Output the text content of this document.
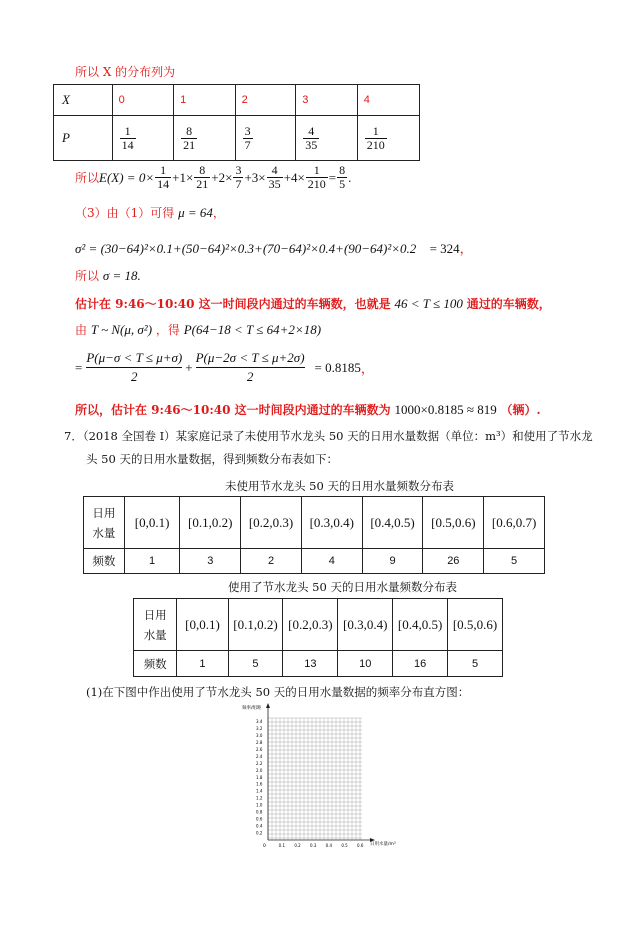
所以 X 的分布列为
X	0	1	2	3	4
P	$\frac{1}{14}$	$\frac{8}{21}$	$\frac{3}{7}$	$\frac{4}{35}$	$\frac{1}{210}$
所以 $E(X) = 0\times \frac{1}{14} +1\times \frac{8}{21} +2\times \frac{3}{7} +3\times \frac{4}{35} +4\times \frac{1}{210} = \frac{8}{5}$ .
（3）由（1）可得 μ = 64，
σ² = (30−64)²×0.1+(50−64)²×0.3+(70−64)²×0.4+(90−64)²×0.2 = 324，
所以 σ = 18.
估计在 9:46～10:40 这一时间段内通过的车辆数，也就是 46 < T ≤ 100 通过的车辆数，
由 T ~ N(μ, σ²) ，得 P(64−18 < T ≤ 64+2×18)
= $\frac{P(\mu-\sigma < T \le \mu+\sigma)}{2} + \frac{P(\mu-2\sigma < T \le \mu+2\sigma)}{2} = 0.8185$ ，
所以，估计在 9:46～10:40 这一时间段内通过的车辆数为 1000×0.8185 ≈ 819 （辆）.
7．（2018 全国卷 Ⅰ）某家庭记录了未使用节水龙头 50 天的日用水量数据（单位：m³）和使用了节水龙
头 50 天的日用水量数据，得到频数分布表如下：
未使用节水龙头 50 天的日用水量频数分布表
日用
水量	[0,0.1)	[0.1,0.2)	[0.2,0.3)	[0.3,0.4)	[0.4,0.5)	[0.5,0.6)	[0.6,0.7)
频数	1	3	2	4	9	26	5
使用了节水龙头 50 天的日用水量频数分布表
日用
水量	[0,0.1)	[0.1,0.2)	[0.2,0.3)	[0.3,0.4)	[0.4,0.5)	[0.5,0.6)
频数	1	5	13	10	16	5
(1)在下图中作出使用了节水龙头 50 天的日用水量数据的频率分布直方图：
频率/组距
日用水量/m³
0
0.2
0.4
0.6
0.8
1.0
1.2
1.4
1.6
1.8
2.0
2.2
2.4
2.6
2.8
3.0
3.2
3.4
0.1 0.2 0.3 0.4 0.5 0.6
